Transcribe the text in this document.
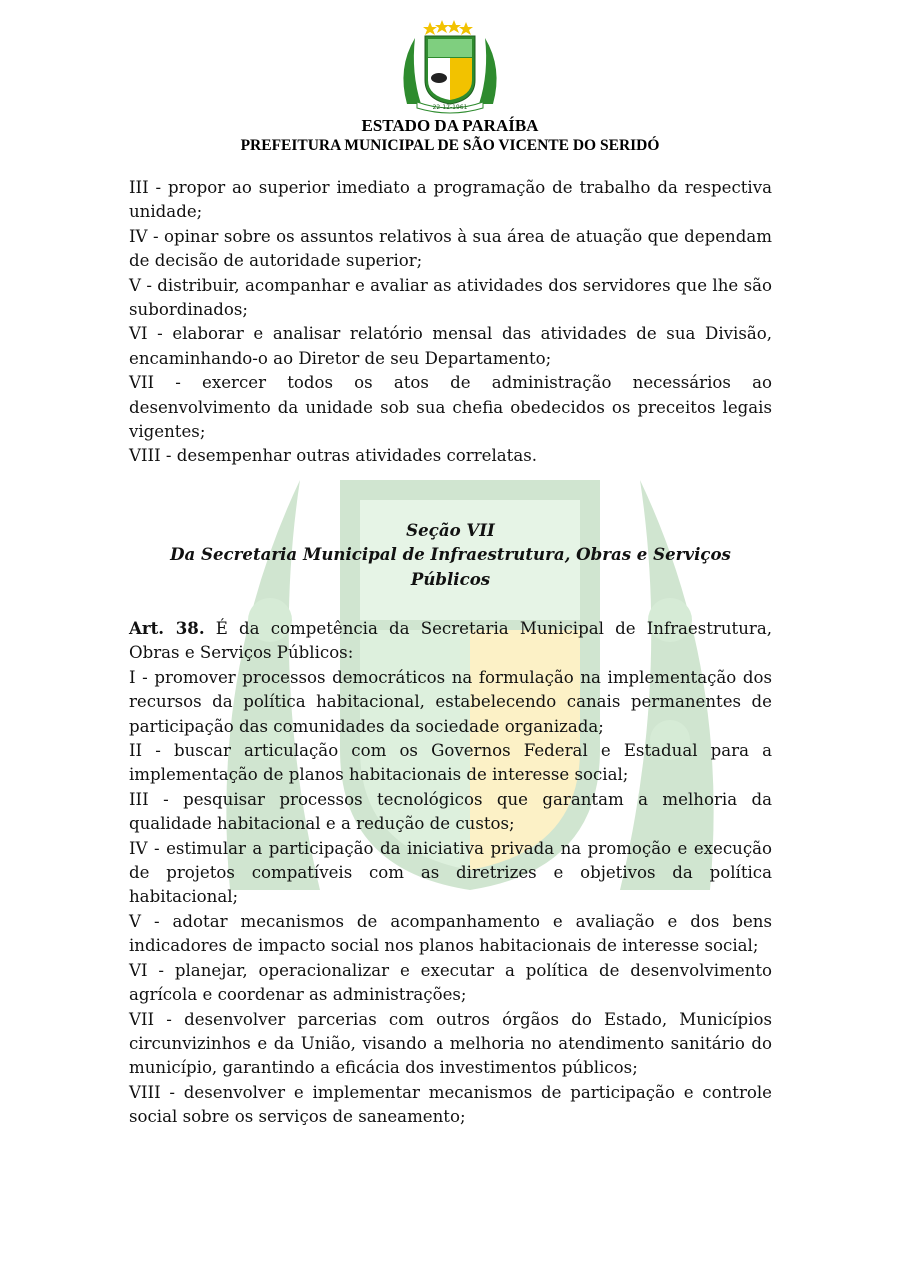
22-12-1961
ESTADO DA PARAÍBA
PREFEITURA MUNICIPAL DE SÃO VICENTE DO SERIDÓ

III - propor ao superior imediato a programação de trabalho da respectiva unidade;

IV - opinar sobre os assuntos relativos à sua área de atuação que dependam de decisão de autoridade superior;

V - distribuir, acompanhar e avaliar as atividades dos servidores que lhe são subordinados;

VI - elaborar e analisar relatório mensal das atividades de sua Divisão, encaminhando-o ao Diretor de seu Departamento;

VII - exercer todos os atos de administração necessários ao desenvolvimento da unidade sob sua chefia obedecidos os preceitos legais vigentes;

VIII - desempenhar outras atividades correlatas.

Seção VII
Da Secretaria Municipal de Infraestrutura, Obras e Serviços Públicos

Art. 38. É da competência da Secretaria Municipal de Infraestrutura, Obras e Serviços Públicos:

I - promover processos democráticos na formulação na implementação dos recursos da política habitacional, estabelecendo canais permanentes de participação das comunidades da sociedade organizada;

II - buscar articulação com os Governos Federal e Estadual para a implementação de planos habitacionais de interesse social;

III - pesquisar processos tecnológicos que garantam a melhoria da qualidade habitacional e a redução de custos;

IV - estimular a participação da iniciativa privada na promoção e execução de projetos compatíveis com as diretrizes e objetivos da política habitacional;

V - adotar mecanismos de acompanhamento e avaliação e dos bens indicadores de impacto social nos planos habitacionais de interesse social;

VI - planejar, operacionalizar e executar a política de desenvolvimento agrícola e coordenar as administrações;

VII - desenvolver parcerias com outros órgãos do Estado, Municípios circunvizinhos e da União, visando a melhoria no atendimento sanitário do município, garantindo a eficácia dos investimentos públicos;

VIII - desenvolver e implementar mecanismos de participação e controle social sobre os serviços de saneamento;
